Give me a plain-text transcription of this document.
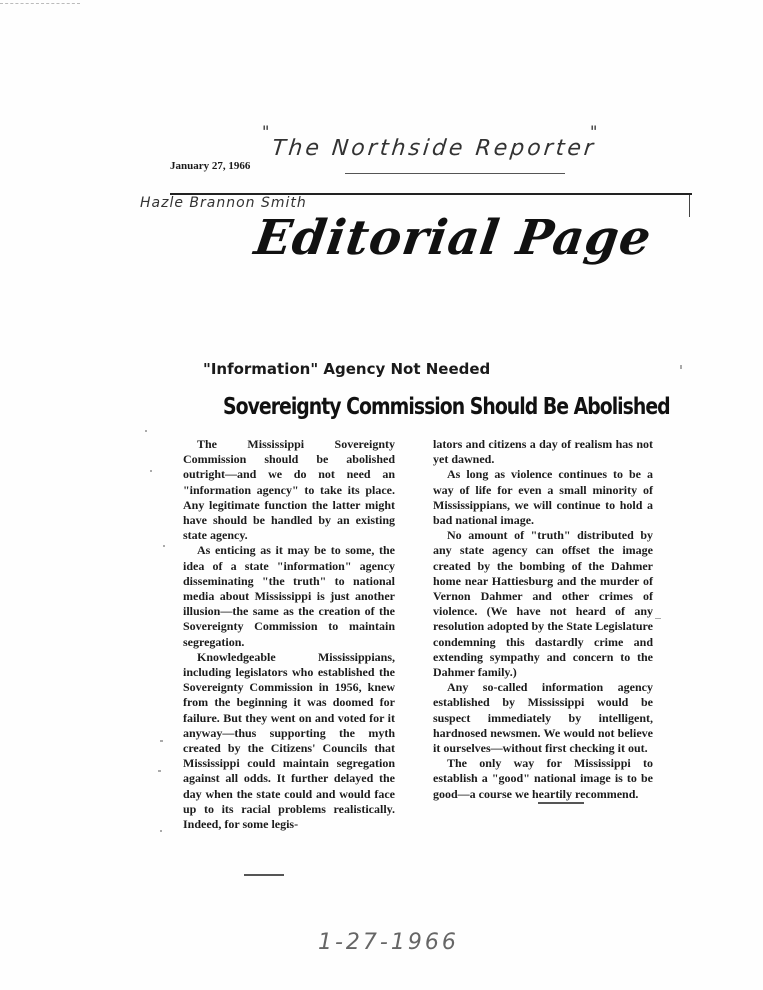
"
The Northside Reporter
"
January 27, 1966
Hazle Brannon Smith
Editorial Page
"Information" Agency Not Needed
Sovereignty Commission Should Be Abolished

The Mississippi Sovereignty Commission should be abolished outright—and we do not need an "information agency" to take its place. Any legitimate function the latter might have should be handled by an existing state agency.

As enticing as it may be to some, the idea of a state "information" agency disseminating "the truth" to national media about Mississippi is just another illusion—the same as the creation of the Sovereignty Commission to maintain segregation.

Knowledgeable Mississippians, including legislators who established the Sovereignty Commission in 1956, knew from the beginning it was doomed for failure. But they went on and voted for it anyway—thus supporting the myth created by the Citizens' Councils that Mississippi could maintain segregation against all odds. It further delayed the day when the state could and would face up to its racial problems realistically. Indeed, for some legis-

lators and citizens a day of realism has not yet dawned.

As long as violence continues to be a way of life for even a small minority of Mississippians, we will continue to hold a bad national image.

No amount of "truth" distributed by any state agency can offset the image created by the bombing of the Dahmer home near Hattiesburg and the murder of Vernon Dahmer and other crimes of violence. (We have not heard of any resolution adopted by the State Legislature condemning this dastardly crime and extending sympathy and concern to the Dahmer family.)

Any so-called information agency established by Mississippi would be suspect immediately by intelligent, hardnosed newsmen. We would not believe it ourselves—without first checking it out.

The only way for Mississippi to establish a "good" national image is to be good—a course we heartily recommend.

1-27-1966
